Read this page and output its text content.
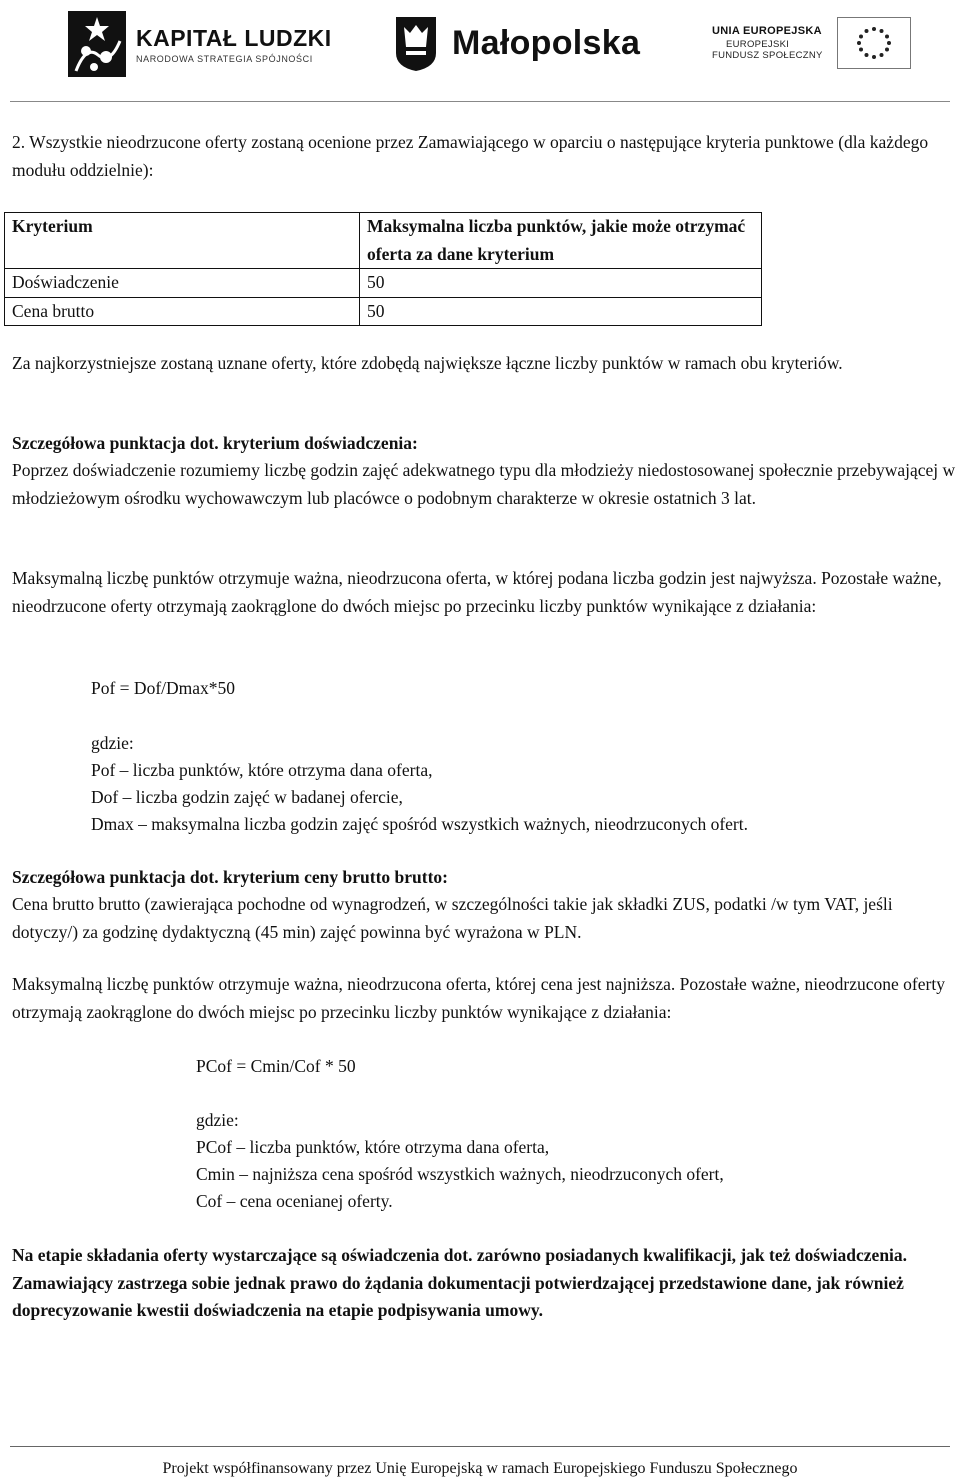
KAPITAŁ LUDZKI
NARODOWA STRATEGIA SPÓJNOŚCI	Małopolska	UNIA EUROPEJSKA
EUROPEJSKI
FUNDUSZ SPOŁECZNY

2. Wszystkie nieodrzucone oferty zostaną ocenione przez Zamawiającego w oparciu o następujące kryteria punktowe (dla każdego modułu oddzielnie):

Kryterium	Maksymalna liczba punktów, jakie może otrzymać oferta za dane kryterium
Doświadczenie	50
Cena brutto	50

Za najkorzystniejsze zostaną uznane oferty, które zdobędą największe łączne liczby punktów w ramach obu kryteriów.

Szczegółowa punktacja dot. kryterium doświadczenia:

Poprzez doświadczenie rozumiemy liczbę godzin zajęć adekwatnego typu dla młodzieży niedostosowanej społecznie przebywającej w młodzieżowym ośrodku wychowawczym lub placówce o podobnym charakterze w okresie ostatnich 3 lat.

Maksymalną liczbę punktów otrzymuje ważna, nieodrzucona oferta, w której podana liczba godzin jest najwyższa. Pozostałe ważne, nieodrzucone oferty otrzymają zaokrąglone do dwóch miejsc po przecinku liczby punktów wynikające z działania:

Pof = Dof/Dmax*50

gdzie:

Pof – liczba punktów, które otrzyma dana oferta,

Dof – liczba godzin zajęć w badanej ofercie,

Dmax – maksymalna liczba godzin zajęć spośród wszystkich ważnych, nieodrzuconych ofert.

Szczegółowa punktacja dot. kryterium ceny brutto brutto:

Cena brutto brutto (zawierająca pochodne od wynagrodzeń, w szczególności takie jak składki ZUS, podatki /w tym VAT, jeśli dotyczy/) za godzinę dydaktyczną (45 min) zajęć powinna być wyrażona w PLN.

Maksymalną liczbę punktów otrzymuje ważna, nieodrzucona oferta, której cena jest najniższa. Pozostałe ważne, nieodrzucone oferty otrzymają zaokrąglone do dwóch miejsc po przecinku liczby punktów wynikające z działania:

PCof = Cmin/Cof * 50

gdzie:

PCof – liczba punktów, które otrzyma dana oferta,

Cmin – najniższa cena spośród wszystkich ważnych, nieodrzuconych ofert,

Cof – cena ocenianej oferty.

Na etapie składania oferty wystarczające są oświadczenia dot. zarówno posiadanych kwalifikacji, jak też doświadczenia. Zamawiający zastrzega sobie jednak prawo do żądania dokumentacji potwierdzającej przedstawione dane, jak również doprecyzowanie kwestii doświadczenia na etapie podpisywania umowy.

Projekt współfinansowany przez Unię Europejską w ramach Europejskiego Funduszu Społecznego
